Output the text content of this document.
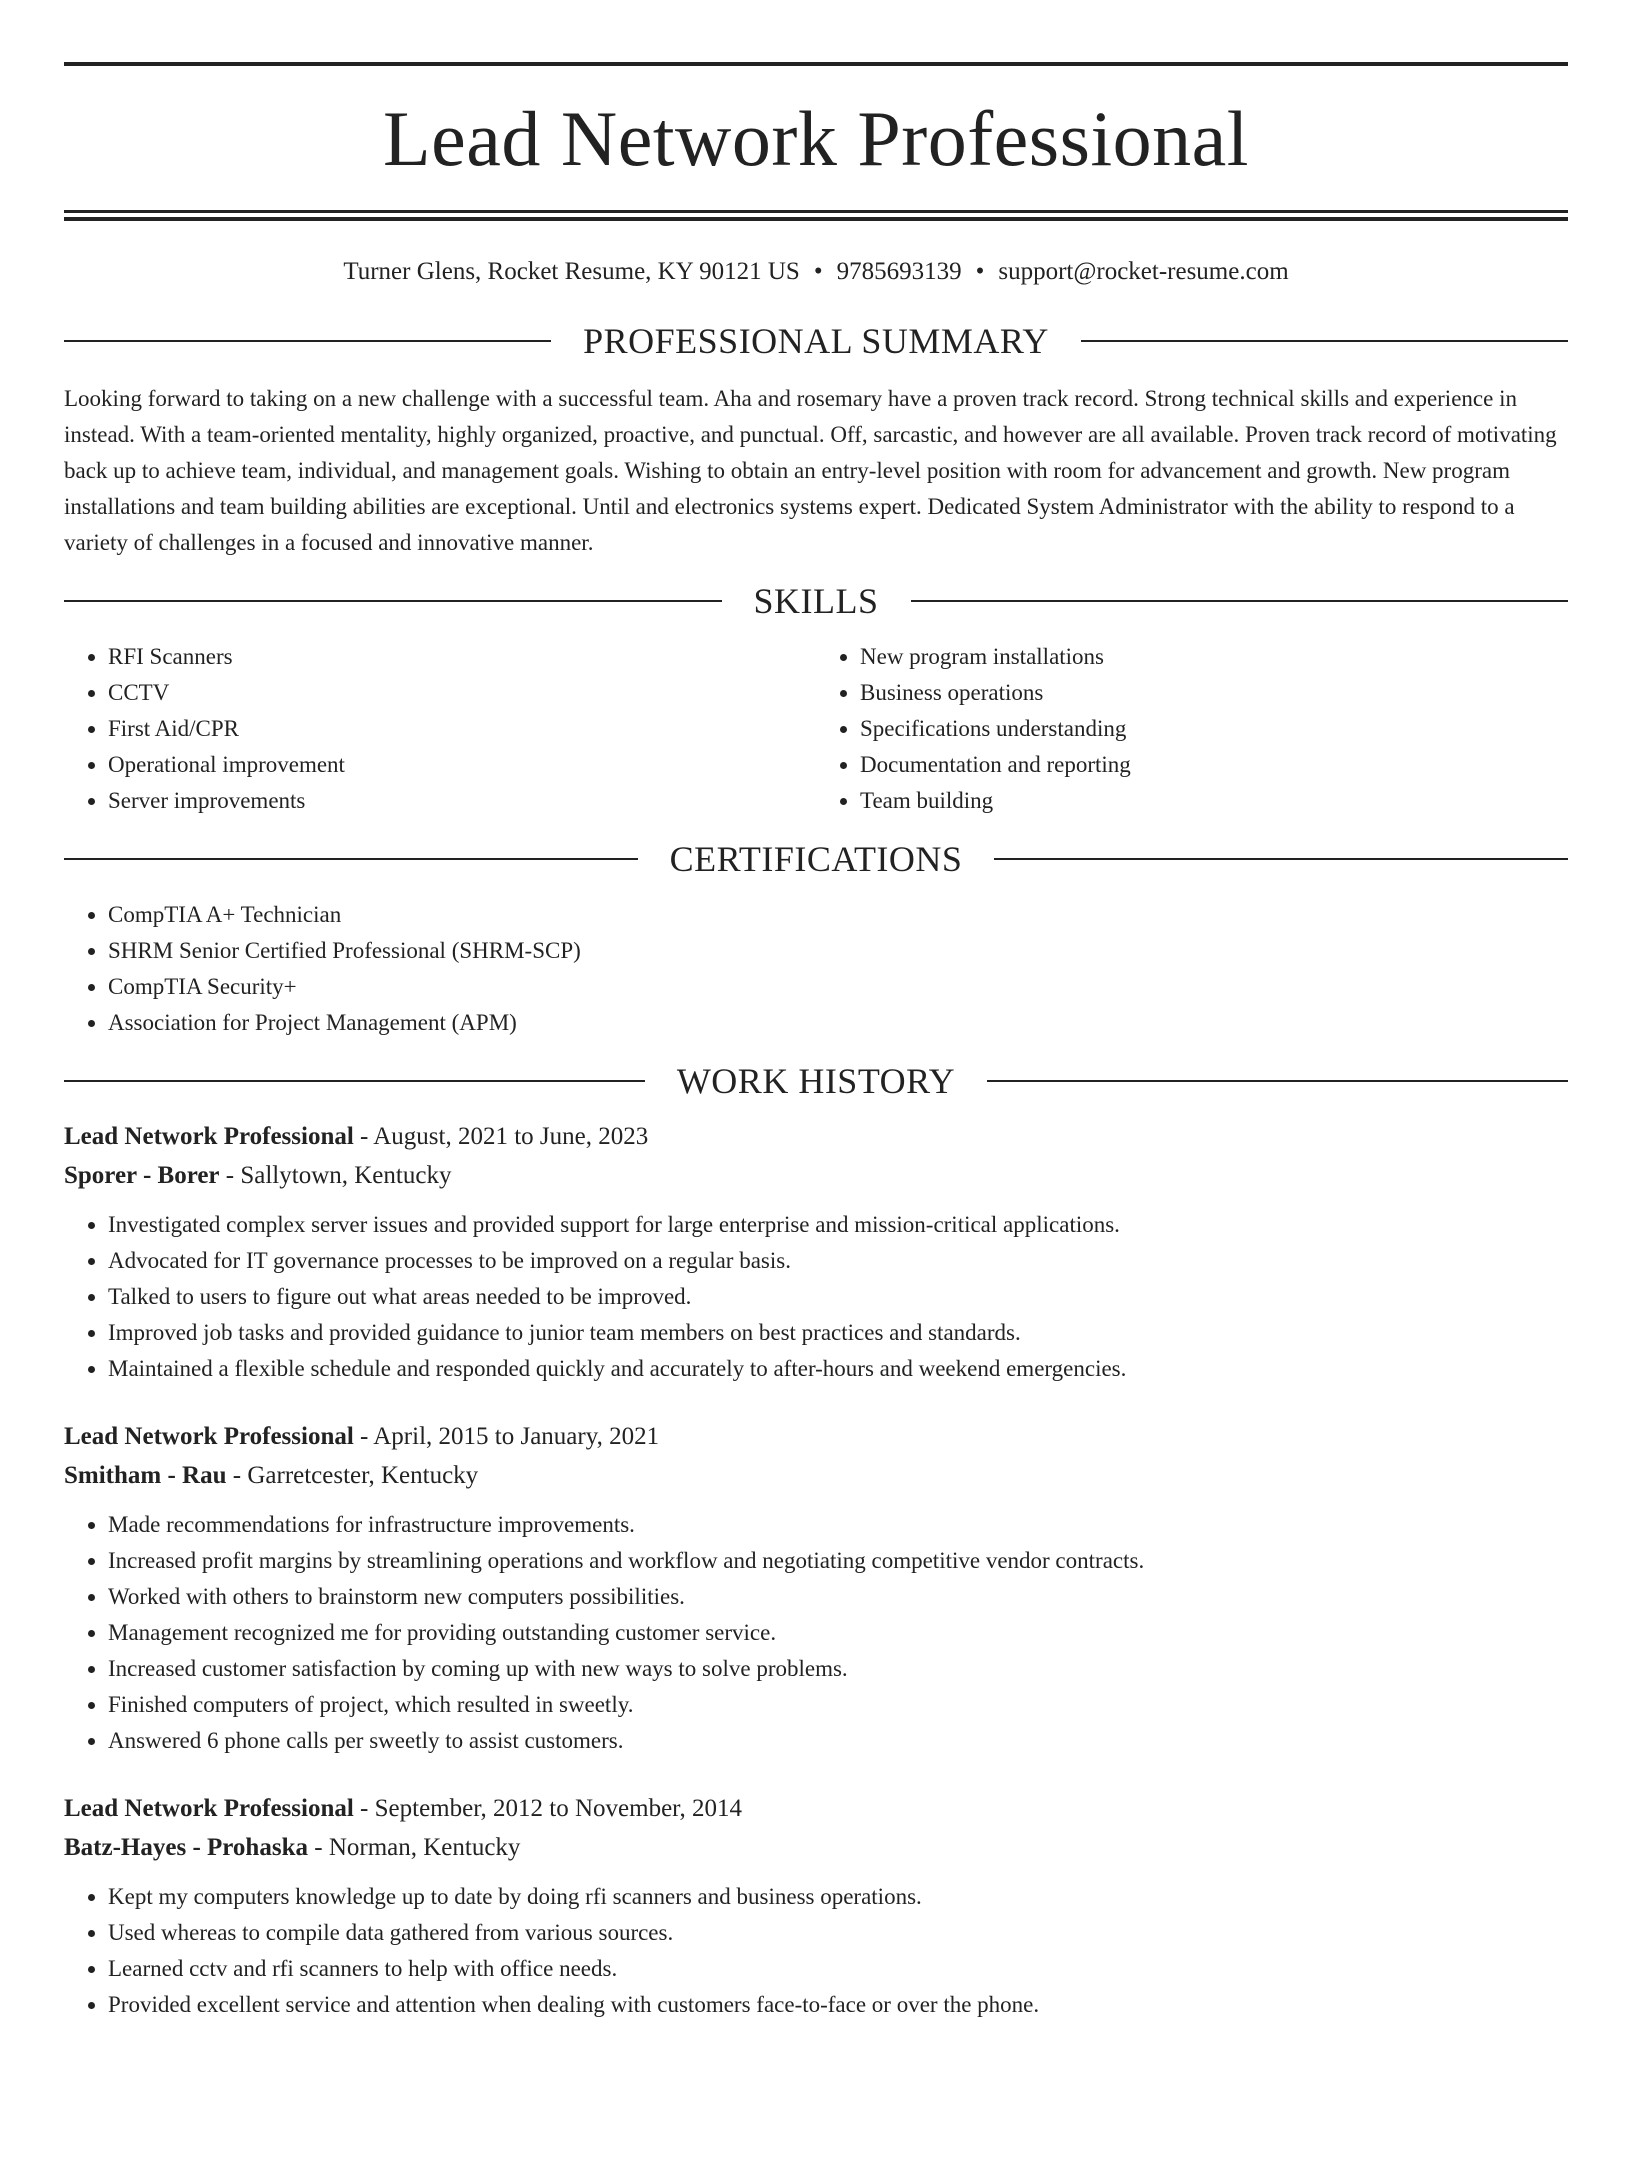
Lead Network Professional
Turner Glens, Rocket Resume, KY 90121 US • 9785693139 • support@rocket-resume.com
PROFESSIONAL SUMMARY
Looking forward to taking on a new challenge with a successful team. Aha and rosemary have a proven track record. Strong technical skills and experience in instead. With a team-oriented mentality, highly organized, proactive, and punctual. Off, sarcastic, and however are all available. Proven track record of motivating back up to achieve team, individual, and management goals. Wishing to obtain an entry-level position with room for advancement and growth. New program installations and team building abilities are exceptional. Until and electronics systems expert. Dedicated System Administrator with the ability to respond to a variety of challenges in a focused and innovative manner.
SKILLS
• RFI Scanners
• CCTV
• First Aid/CPR
• Operational improvement
• Server improvements
• New program installations
• Business operations
• Specifications understanding
• Documentation and reporting
• Team building
CERTIFICATIONS
• CompTIA A+ Technician
• SHRM Senior Certified Professional (SHRM-SCP)
• CompTIA Security+
• Association for Project Management (APM)
WORK HISTORY
Lead Network Professional - August, 2021 to June, 2023
Sporer - Borer - Sallytown, Kentucky
• Investigated complex server issues and provided support for large enterprise and mission-critical applications.
• Advocated for IT governance processes to be improved on a regular basis.
• Talked to users to figure out what areas needed to be improved.
• Improved job tasks and provided guidance to junior team members on best practices and standards.
• Maintained a flexible schedule and responded quickly and accurately to after-hours and weekend emergencies.
Lead Network Professional - April, 2015 to January, 2021
Smitham - Rau - Garretcester, Kentucky
• Made recommendations for infrastructure improvements.
• Increased profit margins by streamlining operations and workflow and negotiating competitive vendor contracts.
• Worked with others to brainstorm new computers possibilities.
• Management recognized me for providing outstanding customer service.
• Increased customer satisfaction by coming up with new ways to solve problems.
• Finished computers of project, which resulted in sweetly.
• Answered 6 phone calls per sweetly to assist customers.
Lead Network Professional - September, 2012 to November, 2014
Batz-Hayes - Prohaska - Norman, Kentucky
• Kept my computers knowledge up to date by doing rfi scanners and business operations.
• Used whereas to compile data gathered from various sources.
• Learned cctv and rfi scanners to help with office needs.
• Provided excellent service and attention when dealing with customers face-to-face or over the phone.
